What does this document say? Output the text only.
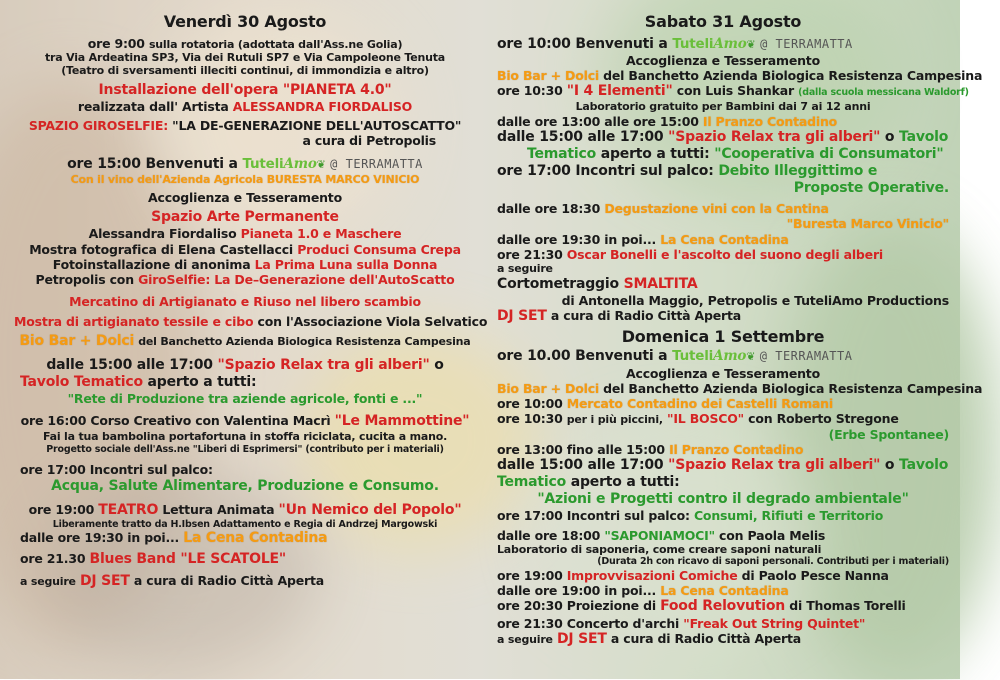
Venerdì 30 Agosto

ore 9:00 sulla rotatoria (adottata dall'Ass.ne Golia)

tra Via Ardeatina SP3, Via dei Rutuli SP7 e Via Campoleone Tenuta

(Teatro di sversamenti illeciti continui, di immondizia e altro)

Installazione dell'opera "PIANETA 4.0"

realizzata dall' Artista ALESSANDRA FIORDALISO

SPAZIO GIROSELFIE: "LA DE-GENERAZIONE DELL'AUTOSCATTO"

a cura di Petropolis

ore 15:00 Benvenuti a TuteliAmo❦ @ TERRAMATTA

Con il vino dell'Azienda Agricola BURESTA MARCO VINICIO

Accoglienza e Tesseramento

Spazio Arte Permanente

Alessandra Fiordaliso Pianeta 1.0 e Maschere

Mostra fotografica di Elena Castellacci Produci Consuma Crepa

Fotoinstallazione di anonima La Prima Luna sulla Donna

Petropolis con GiroSelfie: La De–Generazione dell'AutoScatto

Mercatino di Artigianato e Riuso nel libero scambio

Mostra di artigianato tessile e cibo con l'Associazione Viola Selvatico

Bio Bar + Dolci del Banchetto Azienda Biologica Resistenza Campesina

dalle 15:00 alle 17:00 "Spazio Relax tra gli alberi" o

Tavolo Tematico aperto a tutti:

"Rete di Produzione tra aziende agricole, fonti e ..."

ore 16:00 Corso Creativo con Valentina Macrì "Le Mammottine"

Fai la tua bambolina portafortuna in stoffa riciclata, cucita a mano.

Progetto sociale dell'Ass.ne "Liberi di Esprimersi" (contributo per i materiali)

ore 17:00 Incontri sul palco:

Acqua, Salute Alimentare, Produzione e Consumo.

ore 19:00 TEATRO Lettura Animata "Un Nemico del Popolo"

Liberamente tratto da H.Ibsen Adattamento e Regia di Andrzej Margowski

dalle ore 19:30 in poi... La Cena Contadina

ore 21.30 Blues Band "LE SCATOLE"

a seguire DJ SET a cura di Radio Città Aperta

Sabato 31 Agosto

ore 10:00 Benvenuti a TuteliAmo❦ @ TERRAMATTA

Accoglienza e Tesseramento

Bio Bar + Dolci del Banchetto Azienda Biologica Resistenza Campesina

ore 10:30 "I 4 Elementi" con Luis Shankar (dalla scuola messicana Waldorf)

Laboratorio gratuito per Bambini dai 7 ai 12 anni

dalle ore 13:00 alle ore 15:00 Il Pranzo Contadino

dalle 15:00 alle 17:00 "Spazio Relax tra gli alberi" o Tavolo

Tematico aperto a tutti: "Cooperativa di Consumatori"

ore 17:00 Incontri sul palco: Debito Illeggittimo e

Proposte Operative.

dalle ore 18:30 Degustazione vini con la Cantina

"Buresta Marco Vinicio"

dalle ore 19:30 in poi... La Cena Contadina

ore 21:30 Oscar Bonelli e l'ascolto del suono degli alberi

a seguire

Cortometraggio SMALTITA

di Antonella Maggio, Petropolis e TuteliAmo Productions

DJ SET a cura di Radio Città Aperta

Domenica 1 Settembre

ore 10.00 Benvenuti a TuteliAmo❦ @ TERRAMATTA

Accoglienza e Tesseramento

Bio Bar + Dolci del Banchetto Azienda Biologica Resistenza Campesina

ore 10:00 Mercato Contadino dei Castelli Romani

ore 10:30 per i più piccini, "IL BOSCO" con Roberto Stregone

(Erbe Spontanee)

ore 13:00 fino alle 15:00 Il Pranzo Contadino

dalle 15:00 alle 17:00 "Spazio Relax tra gli alberi" o Tavolo

Tematico aperto a tutti:

"Azioni e Progetti contro il degrado ambientale"

ore 17:00 Incontri sul palco: Consumi, Rifiuti e Territorio

dalle ore 18:00 "SAPONIAMOCI" con Paola Melis

Laboratorio di saponeria, come creare saponi naturali

(Durata 2h con ricavo di saponi personali. Contributi per i materiali)

ore 19:00 Improvvisazioni Comiche di Paolo Pesce Nanna

dalle ore 19:00 in poi... La Cena Contadina

ore 20:30 Proiezione di Food Relovution di Thomas Torelli

ore 21:30 Concerto d'archi "Freak Out String Quintet"

a seguire DJ SET a cura di Radio Città Aperta
